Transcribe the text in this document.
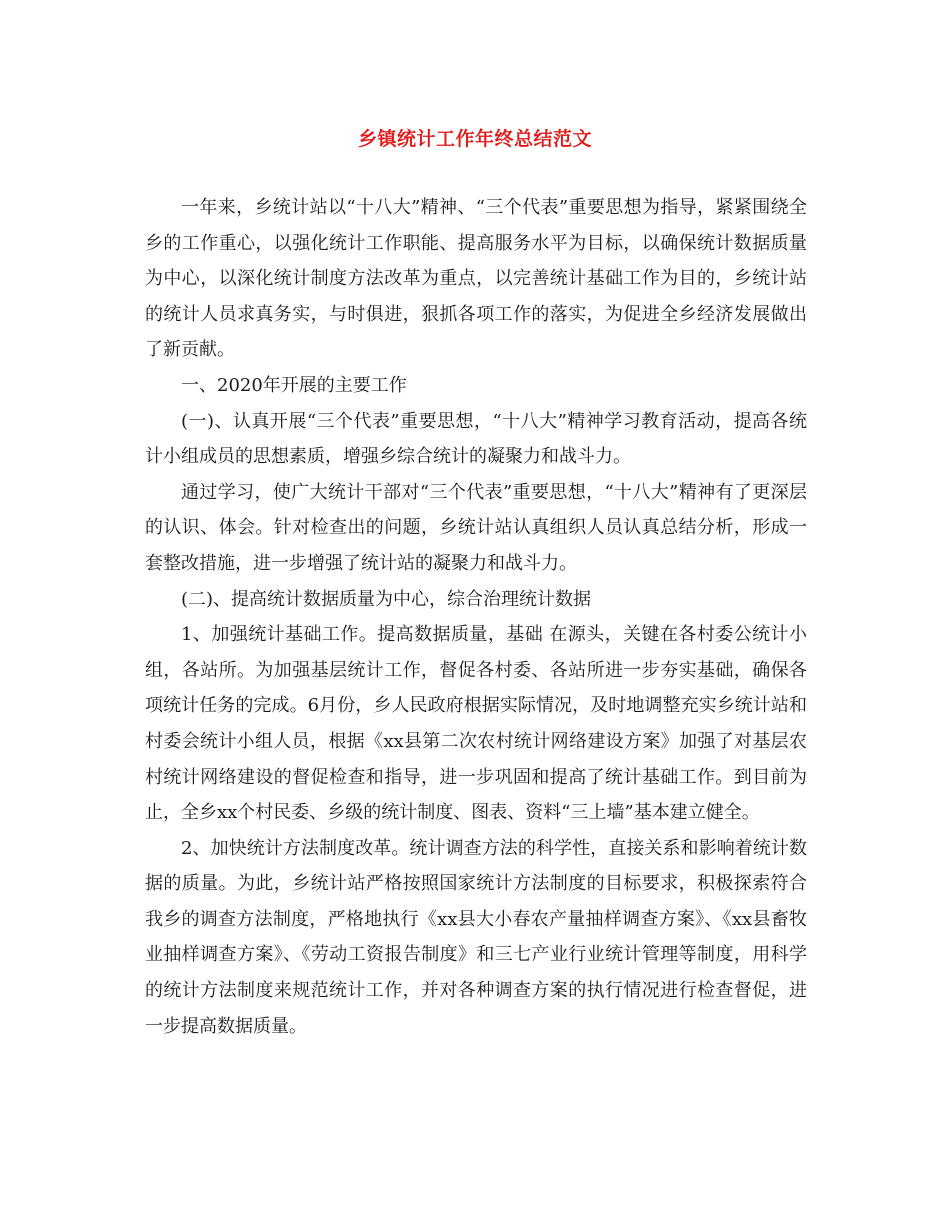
乡镇统计工作年终总结范文

一年来，乡统计站以“十八大”精神、“三个代表”重要思想为指导，紧紧围绕全乡的工作重心，以强化统计工作职能、提高服务水平为目标，以确保统计数据质量为中心，以深化统计制度方法改革为重点，以完善统计基础工作为目的，乡统计站的统计人员求真务实，与时俱进，狠抓各项工作的落实，为促进全乡经济发展做出了新贡献。

一、2020年开展的主要工作

(一)、认真开展“三个代表”重要思想，“十八大”精神学习教育活动，提高各统计小组成员的思想素质，增强乡综合统计的凝聚力和战斗力。

通过学习，使广大统计干部对“三个代表”重要思想，“十八大”精神有了更深层的认识、体会。针对检查出的问题，乡统计站认真组织人员认真总结分析，形成一套整改措施，进一步增强了统计站的凝聚力和战斗力。

(二)、提高统计数据质量为中心，综合治理统计数据

1、加强统计基础工作。提高数据质量，基础 在源头，关键在各村委公统计小组，各站所。为加强基层统计工作，督促各村委、各站所进一步夯实基础，确保各项统计任务的完成。6月份，乡人民政府根据实际情况，及时地调整充实乡统计站和村委会统计小组人员，根据《xx县第二次农村统计网络建设方案》加强了对基层农村统计网络建设的督促检查和指导，进一步巩固和提高了统计基础工作。到目前为止，全乡xx个村民委、乡级的统计制度、图表、资料“三上墙”基本建立健全。

2、加快统计方法制度改革。统计调查方法的科学性，直接关系和影响着统计数据的质量。为此，乡统计站严格按照国家统计方法制度的目标要求，积极探索符合我乡的调查方法制度，严格地执行《xx县大小春农产量抽样调查方案》、《xx县畜牧业抽样调查方案》、《劳动工资报告制度》和三七产业行业统计管理等制度，用科学的统计方法制度来规范统计工作，并对各种调查方案的执行情况进行检查督促，进一步提高数据质量。
